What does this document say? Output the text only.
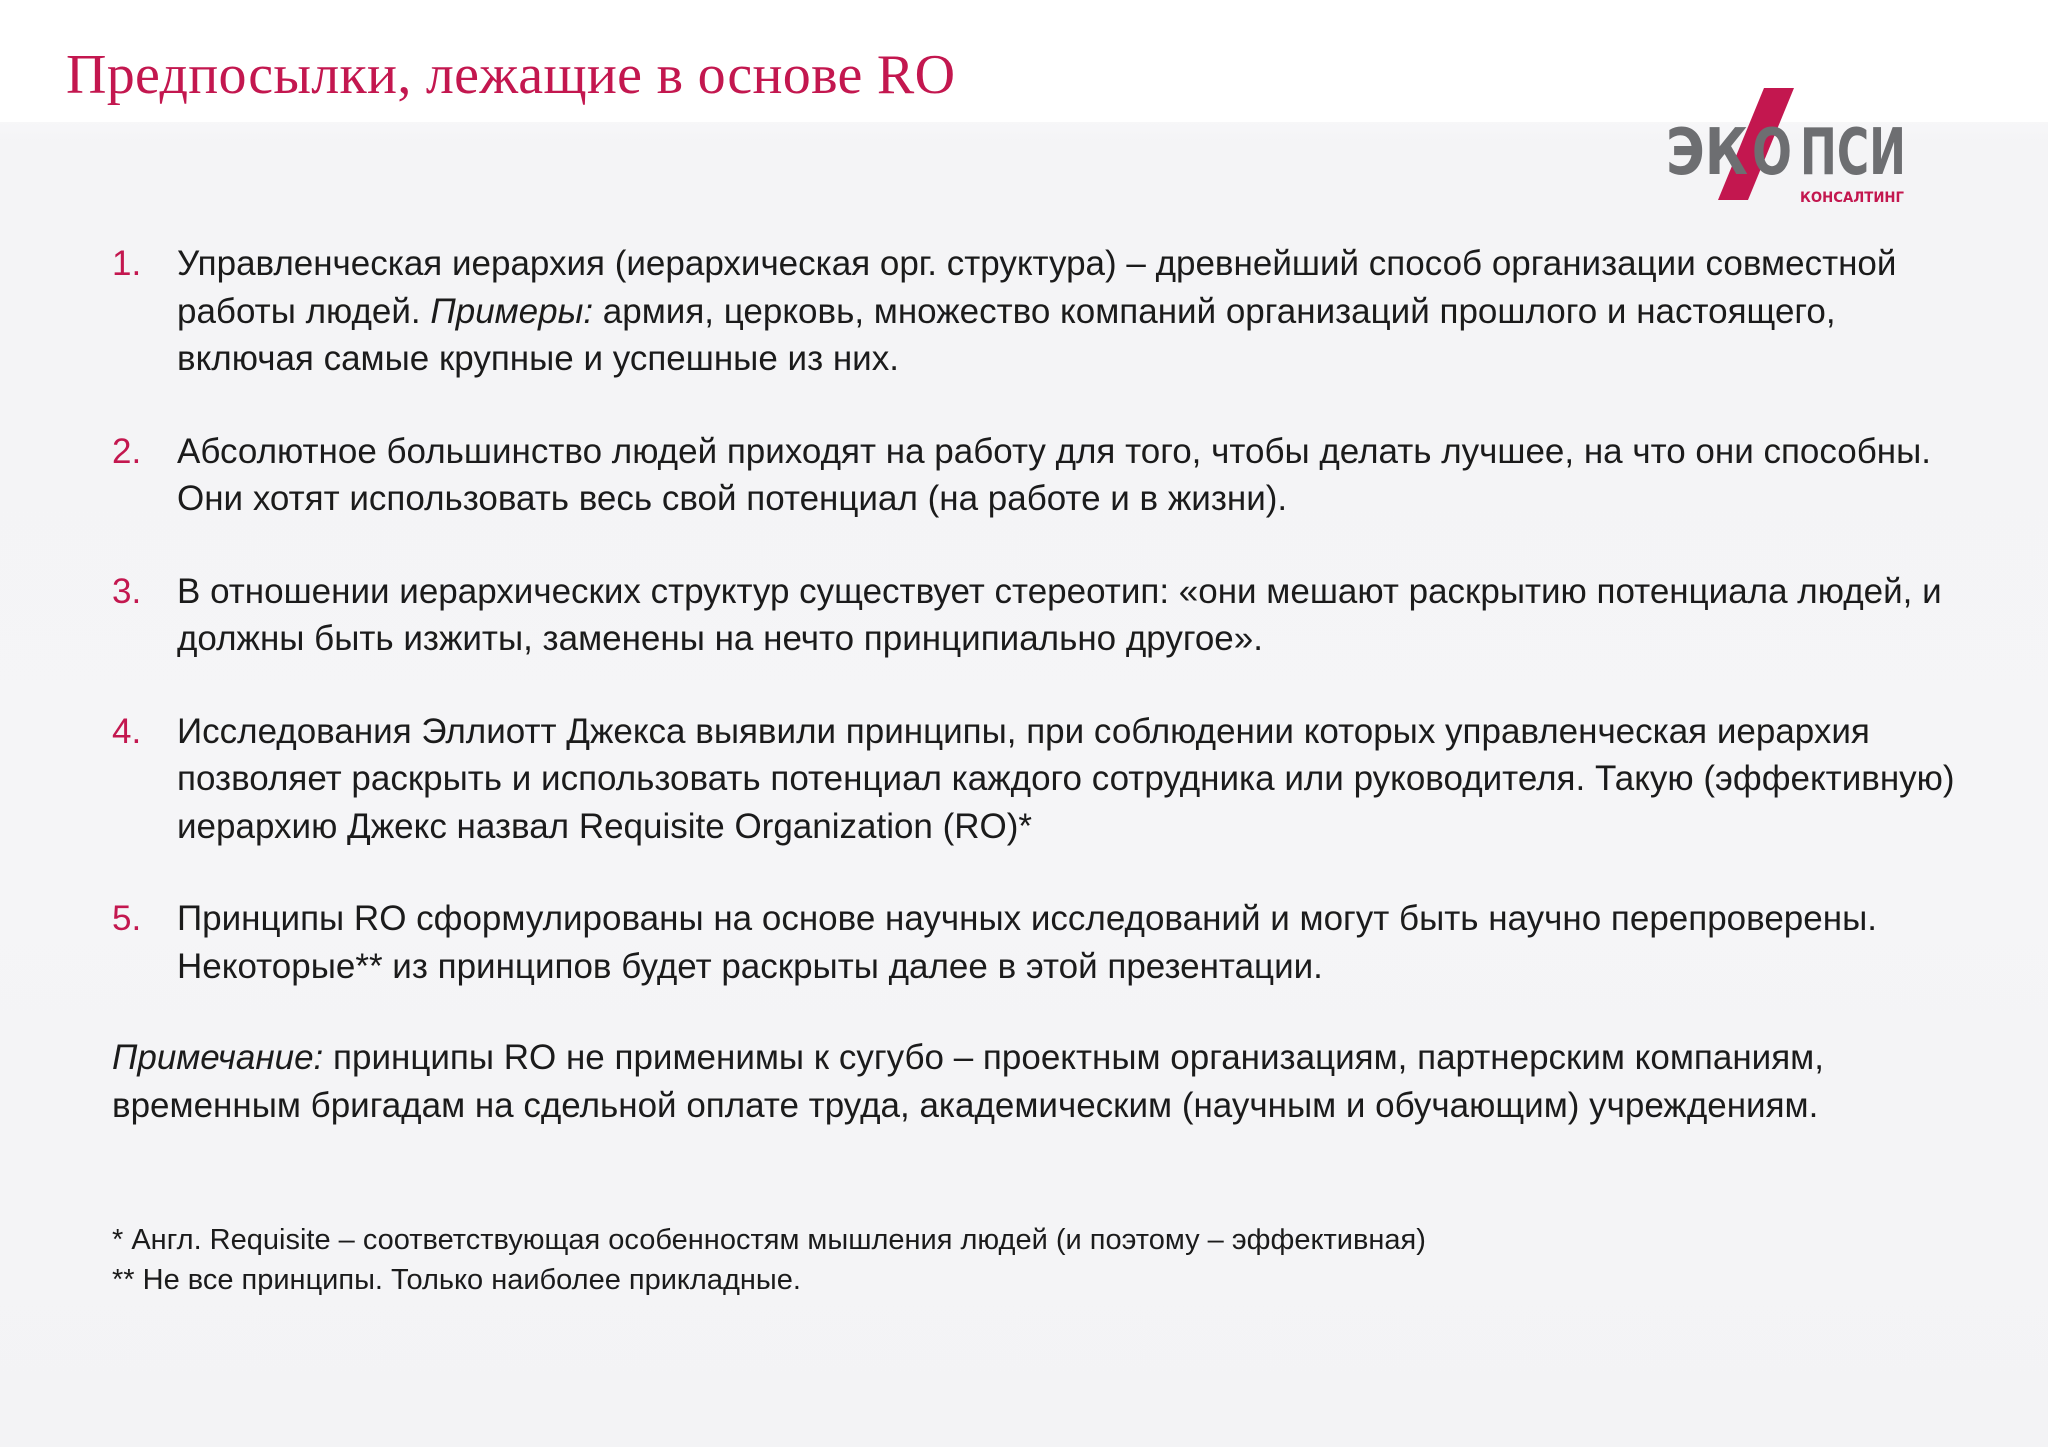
Предпосылки, лежащие в основе RO
ЭК О ПСИ
КОНСАЛТИНГ
1. Управленческая иерархия (иерархическая орг. структура) – древнейший способ организации совместной работы людей. Примеры: армия, церковь, множество компаний организаций прошлого и настоящего, включая самые крупные и успешные из них.

2. Абсолютное большинство людей приходят на работу для того, чтобы делать лучшее, на что они способны. Они хотят использовать весь свой потенциал (на работе и в жизни).

3. В отношении иерархических структур существует стереотип: «они мешают раскрытию потенциала людей, и должны быть изжиты, заменены на нечто принципиально другое».

4. Исследования Эллиотт Джекса выявили принципы, при соблюдении которых управленческая иерархия позволяет раскрыть и использовать потенциал каждого сотрудника или руководителя. Такую (эффективную) иерархию Джекс назвал Requisite Organization (RO)*

5. Принципы RO сформулированы на основе научных исследований и могут быть научно перепроверены. Некоторые** из принципов будет раскрыты далее в этой презентации.

Примечание: принципы RO не применимы к сугубо – проектным организациям, партнерским компаниям, временным бригадам на сдельной оплате труда, академическим (научным и обучающим) учреждениям.

* Англ. Requisite – соответствующая особенностям мышления людей (и поэтому – эффективная)
** Не все принципы. Только наиболее прикладные.
